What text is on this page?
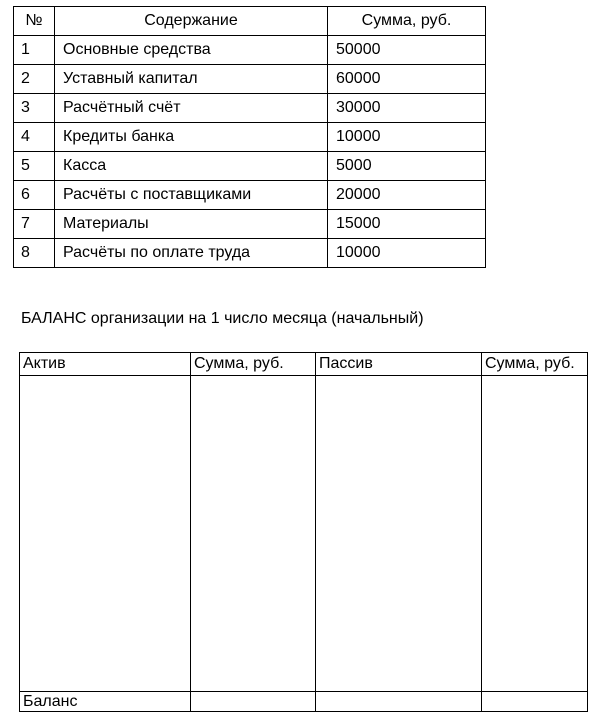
№	Содержание	Сумма, руб.
1	Основные средства	50000
2	Уставный капитал	60000
3	Расчётный счёт	30000
4	Кредиты банка	10000
5	Касса	5000
6	Расчёты с поставщиками	20000
7	Материалы	15000
8	Расчёты по оплате труда	10000
БАЛАНС организации на 1 число месяца (начальный)
Актив	Сумма, руб.	Пассив	Сумма, руб.

Баланс			
